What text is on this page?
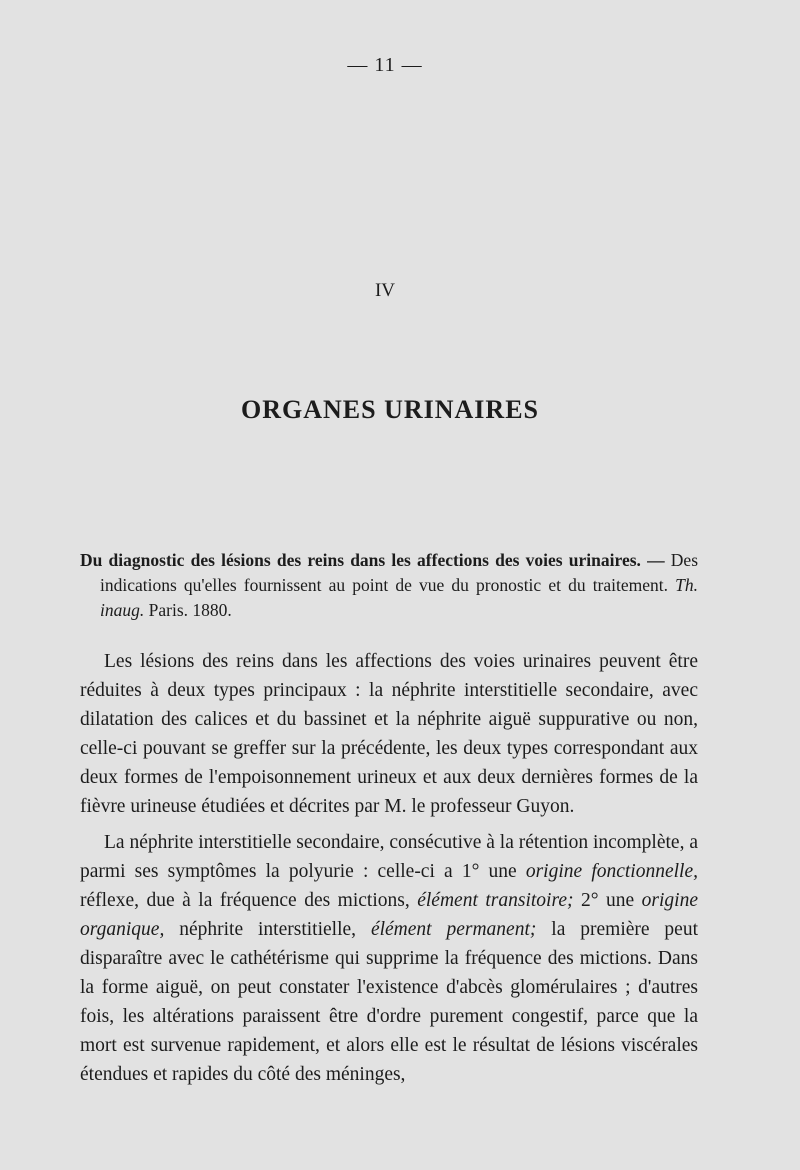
— 11 —
IV
ORGANES URINAIRES
Du diagnostic des lésions des reins dans les affections des voies urinaires. — Des indications qu'elles fournissent au point de vue du pronostic et du traitement. Th. inaug. Paris. 1880.

Les lésions des reins dans les affections des voies urinaires peuvent être réduites à deux types principaux : la néphrite interstitielle secondaire, avec dilatation des calices et du bassinet et la néphrite aiguë suppurative ou non, celle-ci pouvant se greffer sur la précédente, les deux types correspondant aux deux formes de l'empoisonnement urineux et aux deux dernières formes de la fièvre urineuse étudiées et décrites par M. le professeur Guyon.

La néphrite interstitielle secondaire, consécutive à la rétention incomplète, a parmi ses symptômes la polyurie : celle-ci a 1° une origine fonctionnelle, réflexe, due à la fréquence des mictions, élément transitoire; 2° une origine organique, néphrite interstitielle, élément permanent; la première peut disparaître avec le cathétérisme qui supprime la fréquence des mictions. Dans la forme aiguë, on peut constater l'existence d'abcès glomérulaires ; d'autres fois, les altérations paraissent être d'ordre purement congestif, parce que la mort est survenue rapidement, et alors elle est le résultat de lésions viscérales étendues et rapides du côté des méninges,
